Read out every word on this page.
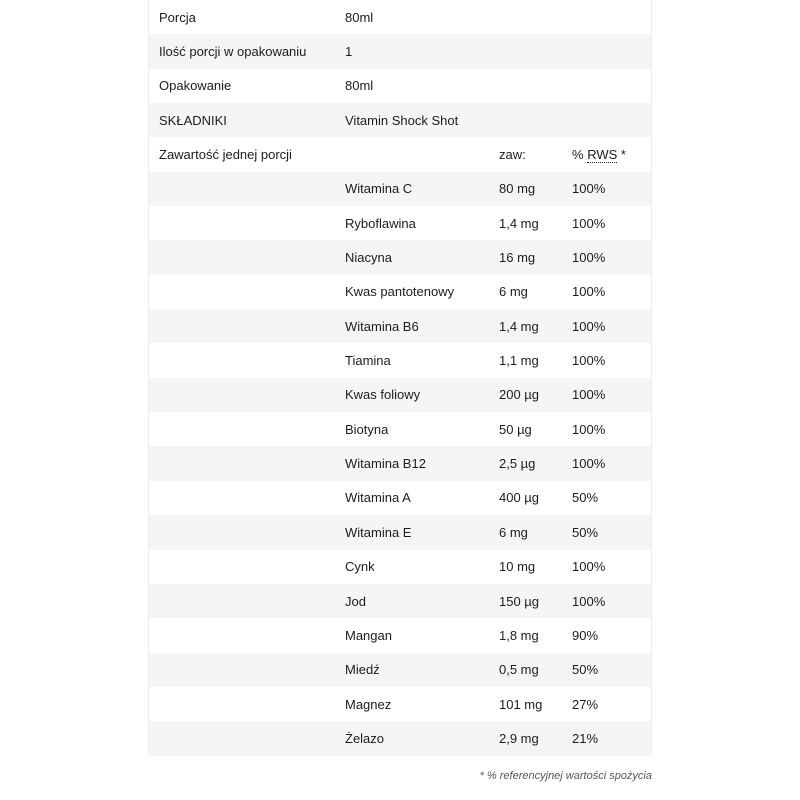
Porcja	80ml
Ilość porcji w opakowaniu	1
Opakowanie	80ml
SKŁADNIKI	Vitamin Shock Shot
Zawartość jednej porcji	zaw:	% RWS *
Witamina C	80 mg	100%
Ryboflawina	1,4 mg	100%
Niacyna	16 mg	100%
Kwas pantotenowy	6 mg	100%
Witamina B6	1,4 mg	100%
Tiamina	1,1 mg	100%
Kwas foliowy	200 µg	100%
Biotyna	50 µg	100%
Witamina B12	2,5 µg	100%
Witamina A	400 µg	50%
Witamina E	6 mg	50%
Cynk	10 mg	100%
Jod	150 µg	100%
Mangan	1,8 mg	90%
Miedź	0,5 mg	50%
Magnez	101 mg	27%
Żelazo	2,9 mg	21%
* % referencyjnej wartości spożycia
